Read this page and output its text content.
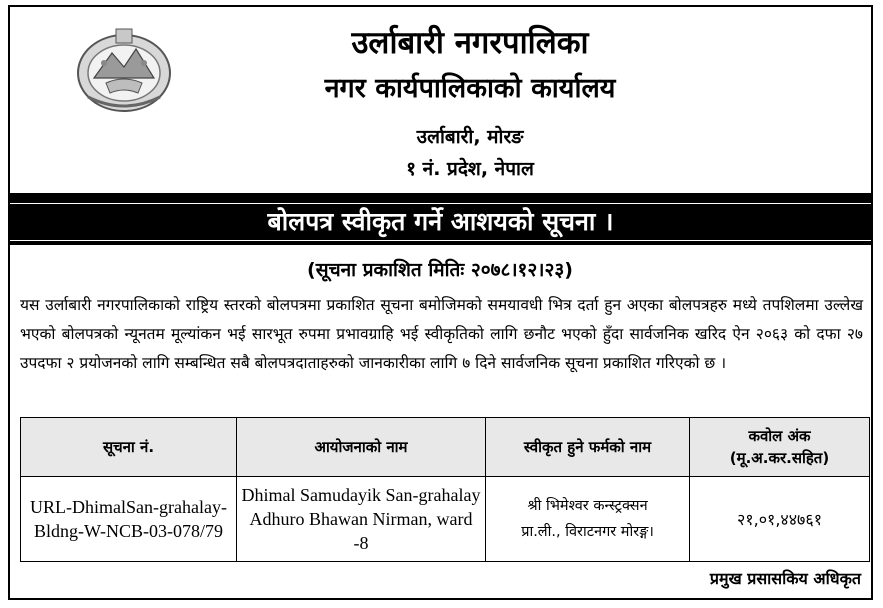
उर्लाबारी नगरपालिका
नगर कार्यपालिकाको कार्यालय
उर्लाबारी, मोरङ
१ नं. प्रदेश, नेपाल
बोलपत्र स्वीकृत गर्ने आशयको सूचना ।
(सूचना प्रकाशित मितिः २०७८।१२।२३)
यस उर्लाबारी नगरपालिकाको राष्ट्रिय स्तरको बोलपत्रमा प्रकाशित सूचना बमोजिमको समयावधी भित्र दर्ता हुन अएका बोलपत्रहरु मध्ये तपशिलमा उल्लेख भएको बोलपत्रको न्यूनतम मूल्यांकन भई सारभूत रुपमा प्रभावग्राहि भई स्वीकृतिको लागि छनौट भएको हुँदा सार्वजनिक खरिद ऐन २०६३ को दफा २७ उपदफा २ प्रयोजनको लागि सम्बन्धित सबै बोलपत्रदाताहरुको जानकारीका लागि ७ दिने सार्वजनिक सूचना प्रकाशित गरिएको छ ।
सूचना नं.	आयोजनाको नाम	स्वीकृत हुने फर्मको नाम	कवोल अंक
(मू.अ.कर.सहित)

URL-DhimalSan-grahalay-Bldng-W-NCB-03-078/79	Dhimal Samudayik San-grahalay Adhuro Bhawan Nirman, ward -8	श्री भिमेश्वर कन्स्ट्रक्सन
प्रा.ली., विराटनगर मोरङ्ग।	२१,०१,४४७६१
प्रमुख प्रसासकिय अधिकृत
